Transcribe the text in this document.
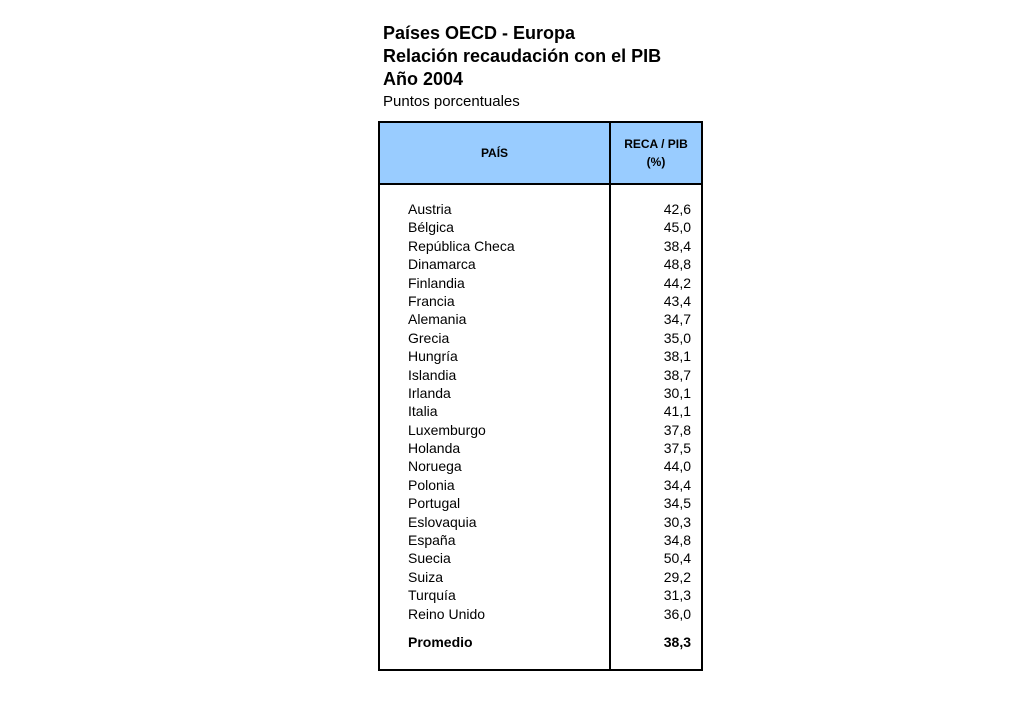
Países OECD - Europa
Relación recaudación con el PIB
Año 2004
Puntos porcentuales
PAÍS
RECA / PIB
(%)
Austria	42,6
Bélgica	45,0
República Checa	38,4
Dinamarca	48,8
Finlandia	44,2
Francia	43,4
Alemania	34,7
Grecia	35,0
Hungría	38,1
Islandia	38,7
Irlanda	30,1
Italia	41,1
Luxemburgo	37,8
Holanda	37,5
Noruega	44,0
Polonia	34,4
Portugal	34,5
Eslovaquia	30,3
España	34,8
Suecia	50,4
Suiza	29,2
Turquía	31,3
Reino Unido	36,0
Promedio	38,3
